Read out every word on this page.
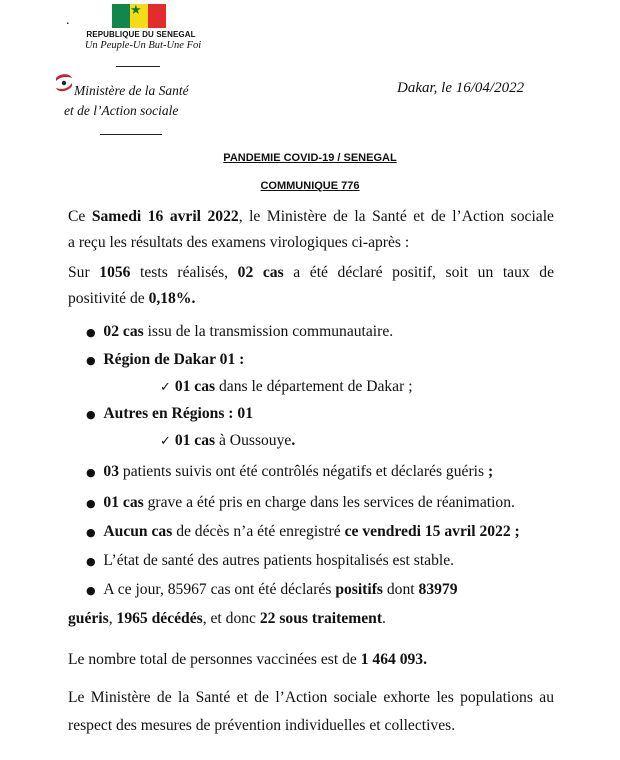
.
★
REPUBLIQUE DU SENEGAL
Un Peuple-Un But-Une Foi
Ministère de la Santé
et de l’Action sociale
Dakar, le 16/04/2022
PANDEMIE COVID-19 / SENEGAL
COMMUNIQUE 776
Ce Samedi 16 avril 2022, le Ministère de la Santé et de l’Action sociale
a reçu les résultats des examens virologiques ci-après :
Sur 1056 tests réalisés, 02 cas a été déclaré positif, soit un taux de
positivité de 0,18%.
● 02 cas issu de la transmission communautaire.
● Région de Dakar 01 :
✓ 01 cas dans le département de Dakar ;
● Autres en Régions : 01
✓ 01 cas à Oussouye.
● 03 patients suivis ont été contrôlés négatifs et déclarés guéris ;
● 01 cas grave a été pris en charge dans les services de réanimation.
● Aucun cas de décès n’a été enregistré ce vendredi 15 avril 2022 ;
● L’état de santé des autres patients hospitalisés est stable.
● A ce jour, 85967 cas ont été déclarés positifs dont 83979
guéris, 1965 décédés, et donc 22 sous traitement.
Le nombre total de personnes vaccinées est de 1 464 093.
Le Ministère de la Santé et de l’Action sociale exhorte les populations au
respect des mesures de prévention individuelles et collectives.
